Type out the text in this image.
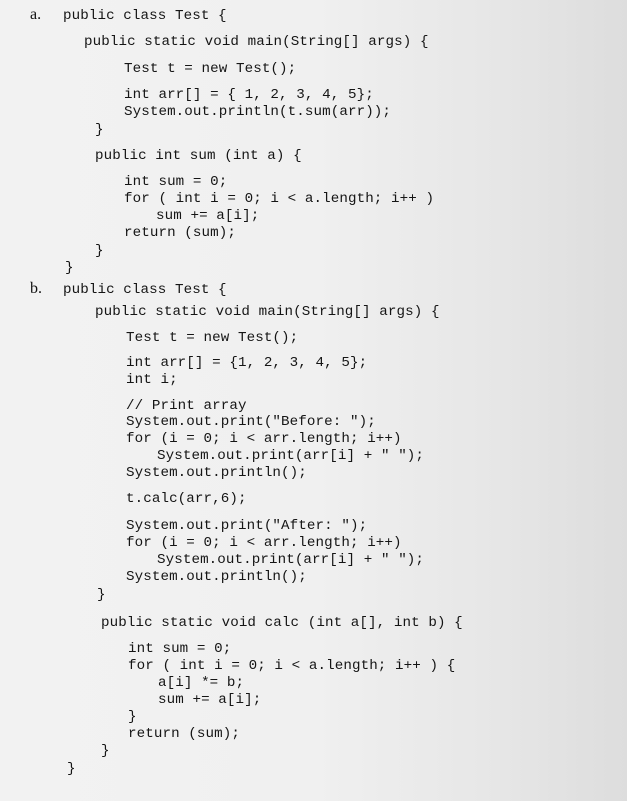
a. public class Test {
public static void main(String[] args) {
Test t = new Test();
int arr[] = { 1, 2, 3, 4, 5};
System.out.println(t.sum(arr));
}
public int sum (int a) {
int sum = 0;
for ( int i = 0; i < a.length; i++ )
sum += a[i];
return (sum);
}
}
b. public class Test {
public static void main(String[] args) {
Test t = new Test();
int arr[] = {1, 2, 3, 4, 5};
int i;
// Print array
System.out.print("Before: ");
for (i = 0; i < arr.length; i++)
System.out.print(arr[i] + " ");
System.out.println();
t.calc(arr,6);
System.out.print("After: ");
for (i = 0; i < arr.length; i++)
System.out.print(arr[i] + " ");
System.out.println();
}
public static void calc (int a[], int b) {
int sum = 0;
for ( int i = 0; i < a.length; i++ ) {
a[i] *= b;
sum += a[i];
}
return (sum);
}
}
